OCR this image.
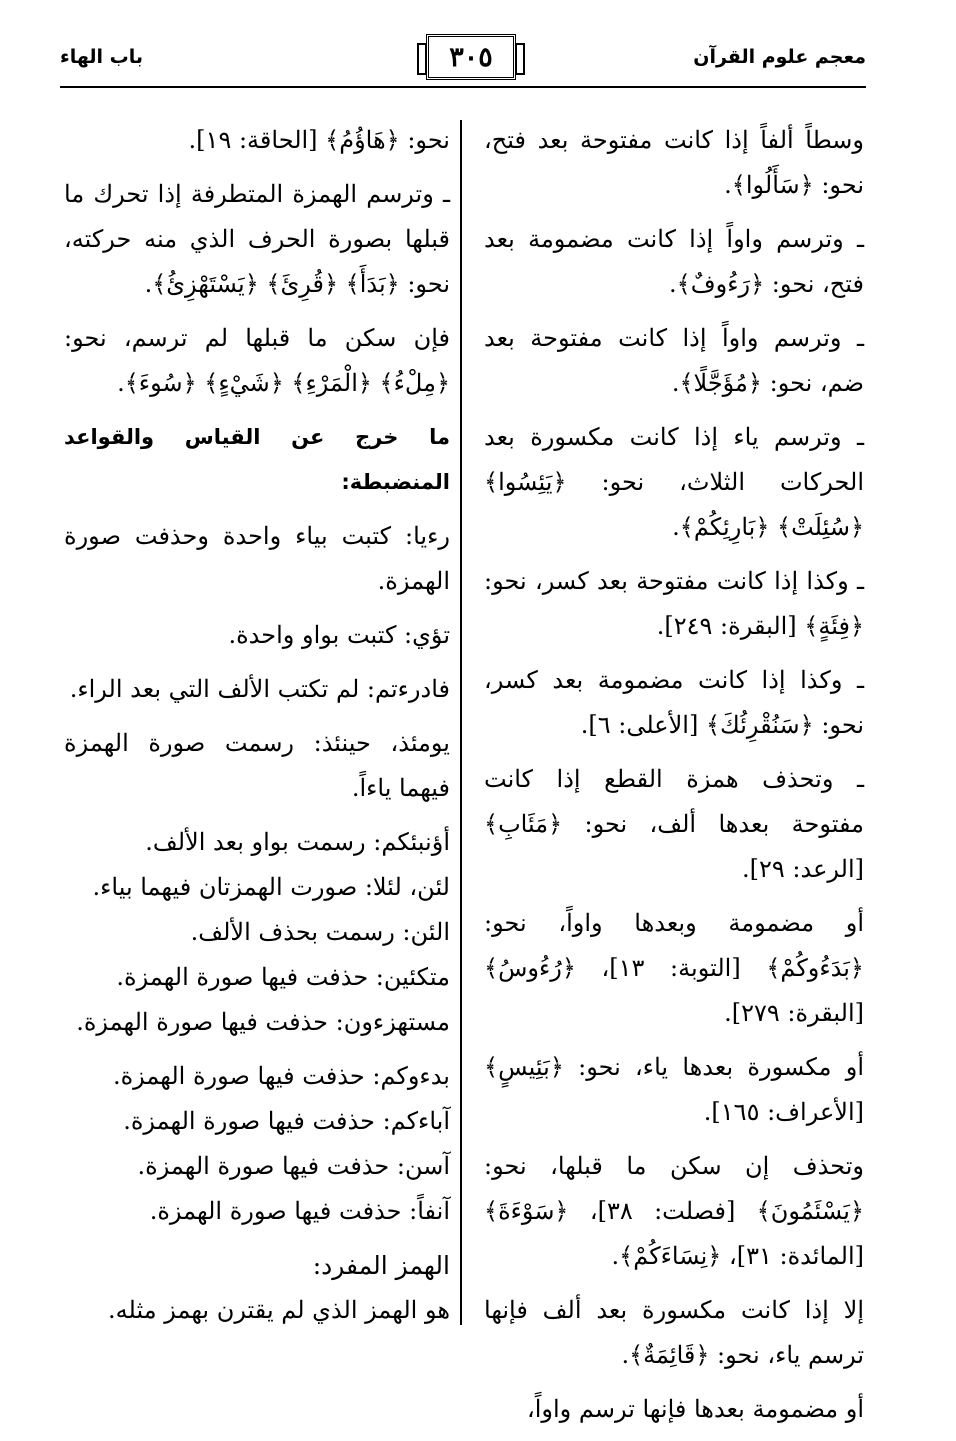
معجم علوم القرآن
٣٠٥
باب الهاء

وسطاً ألفاً إذا كانت مفتوحة بعد فتح، نحو: ﴿سَأَلُوا﴾.

ـ وترسم واواً إذا كانت مضمومة بعد فتح، نحو: ﴿رَءُوفٌ﴾.

ـ وترسم واواً إذا كانت مفتوحة بعد ضم، نحو: ﴿مُؤَجَّلًا﴾.

ـ وترسم ياء إذا كانت مكسورة بعد الحركات الثلاث، نحو: ﴿يَئِسُوا﴾ ﴿سُئِلَتْ﴾ ﴿بَارِئِكُمْ﴾.

ـ وكذا إذا كانت مفتوحة بعد كسر، نحو: ﴿فِئَةٍ﴾ [البقرة: ٢٤٩].

ـ وكذا إذا كانت مضمومة بعد كسر، نحو: ﴿سَنُقْرِئُكَ﴾ [الأعلى: ٦].

ـ وتحذف همزة القطع إذا كانت مفتوحة بعدها ألف، نحو: ﴿مَئَابِ﴾ [الرعد: ٢٩].

أو مضمومة وبعدها واواً، نحو: ﴿بَدَءُوكُمْ﴾ [التوبة: ١٣]، ﴿رُءُوسُ﴾ [البقرة: ٢٧٩].

أو مكسورة بعدها ياء، نحو: ﴿بَئِيسٍ﴾ [الأعراف: ١٦٥].

وتحذف إن سكن ما قبلها، نحو: ﴿يَسْئَمُونَ﴾ [فصلت: ٣٨]، ﴿سَوْءَةَ﴾ [المائدة: ٣١]، ﴿نِسَاءَكُمْ﴾.

إلا إذا كانت مكسورة بعد ألف فإنها ترسم ياء، نحو: ﴿قَائِمَةٌ﴾.

أو مضمومة بعدها فإنها ترسم واواً،

نحو: ﴿هَاؤُمُ﴾ [الحاقة: ١٩].

ـ وترسم الهمزة المتطرفة إذا تحرك ما قبلها بصورة الحرف الذي منه حركته، نحو: ﴿بَدَأَ﴾ ﴿قُرِئَ﴾ ﴿يَسْتَهْزِئُ﴾.

فإن سكن ما قبلها لم ترسم، نحو: ﴿مِلْءُ﴾ ﴿الْمَرْءِ﴾ ﴿شَيْءٍ﴾ ﴿سُوءَ﴾.

ما خرج عن القياس والقواعد المنضبطة:

رءيا: كتبت بياء واحدة وحذفت صورة الهمزة.

تؤي: كتبت بواو واحدة.

فادرءتم: لم تكتب الألف التي بعد الراء.

يومئذ، حينئذ: رسمت صورة الهمزة فيهما ياءاً.

أؤنبئكم: رسمت بواو بعد الألف.

لئن، لئلا: صورت الهمزتان فيهما بياء.

الئن: رسمت بحذف الألف.

متكئين: حذفت فيها صورة الهمزة.

مستهزءون: حذفت فيها صورة الهمزة.

بدءوكم: حذفت فيها صورة الهمزة.

آباءكم: حذفت فيها صورة الهمزة.

آسن: حذفت فيها صورة الهمزة.

آنفاً: حذفت فيها صورة الهمزة.

الهمز المفرد:

هو الهمز الذي لم يقترن بهمز مثله.
